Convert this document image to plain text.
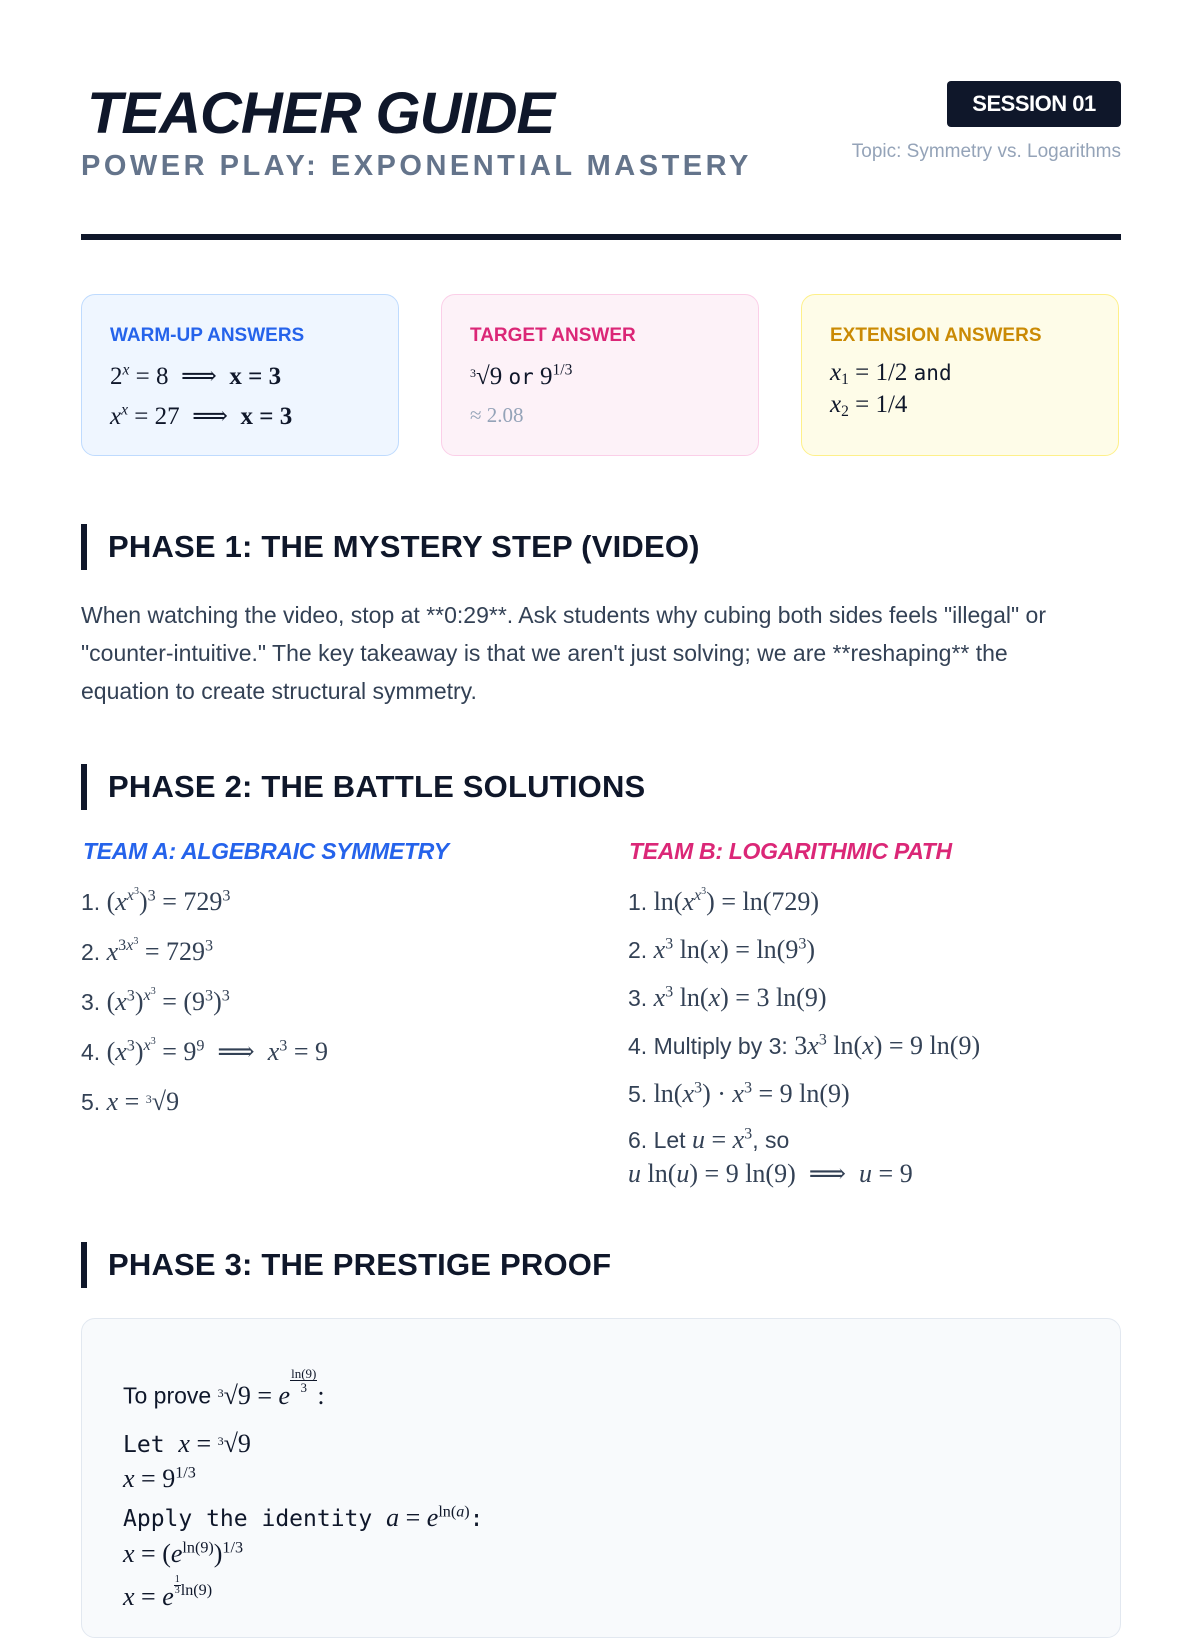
TEACHER GUIDE
POWER PLAY: EXPONENTIAL MASTERY
SESSION 01
Topic: Symmetry vs. Logarithms
WARM-UP ANSWERS
$2^x = 8$  ⟹  x = 3
$x^x = 27$  ⟹  x = 3
TARGET ANSWER
$^3$√9 or $9^{1/3}$
≈ 2.08
EXTENSION ANSWERS
$x_1 = 1/2$ and
$x_2 = 1/4$
PHASE 1: THE MYSTERY STEP (VIDEO)

When watching the video, stop at **0:29**. Ask students why cubing both sides feels "illegal" or "counter-intuitive." The key takeaway is that we aren't just solving; we are **reshaping** the equation to create structural symmetry.

PHASE 2: THE BATTLE SOLUTIONS
TEAM A: ALGEBRAIC SYMMETRY
1. $(x^{x^3})^3 = 729^3$
2. $x^{3x^3} = 729^3$
3. $(x^3)^{x^3} = (9^3)^3$
4. $(x^3)^{x^3} = 9^9$  ⟹  $x^3 = 9$
5. x = $^3$√9
TEAM B: LOGARITHMIC PATH
1. $\ln(x^{x^3}) = \ln(729)$
2. $x^3$ $\ln(x) = \ln(9^3)$
3. $x^3$ ln(x) = 3 ln(9)
4. Multiply by 3: $3x^3$ ln(x) = 9 ln(9)
5. $\ln(x^3) \cdot x^3 = 9$ ln(9)
6. Let $u = x^3$, so
u ln(u) = 9 ln(9)  ⟹  u = 9
PHASE 3: THE PRESTIGE PROOF
To prove $^3$√9 = e
$\frac{\ln(9)}{3}$
:
Let x = $^3$√9
$x = 9^{1/3}$
Apply the identity $a = e^{ln(a)}$:
$x = (e^{ln(9)})^{1/3}$
x = e $^{\frac{1}{3} ln(9)}$
